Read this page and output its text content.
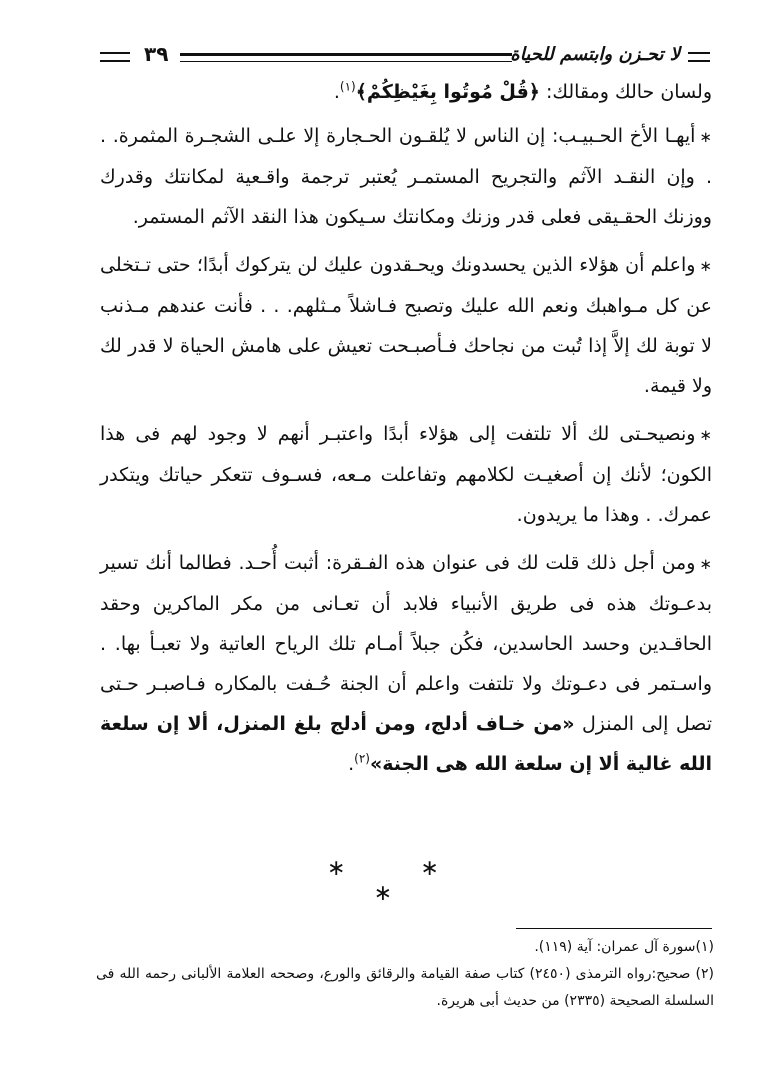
لا تحـزن وابتسم للحياة
٣٩

ولسان حالك ومقالك: ﴿قُلْ مُوتُوا بِغَيْظِكُمْ﴾$^{(١)}$.

∗أيهـا الأخ الحـبيـب: إن الناس لا يُلقـون الحـجارة إلا علـى الشجـرة المثمرة. . . وإن النقـد الآثم والتجريح المستمـر يُعتبر ترجمة واقـعية لمكانتك وقدرك ووزنك الحقـيقى فعلى قدر وزنك ومكانتك سـيكون هذا النقد الآثم المستمر.

∗واعلم أن هؤلاء الذين يحسدونك ويحـقدون عليك لن يتركوك أبدًا؛ حتى تـتخلى عن كل مـواهبك ونعم الله عليك وتصبح فـاشلاً مـثلهم. . . فأنت عندهم مـذنب لا توبة لك إلاَّ إذا تُبت من نجاحك فـأصبـحت تعيش على هامش الحياة لا قدر لك ولا قيمة.

∗ونصيحـتى لك ألا تلتفت إلى هؤلاء أبدًا واعتبـر أنهم لا وجود لهم فى هذا الكون؛ لأنك إن أصغيـت لكلامهم وتفاعلت مـعه، فسـوف تتعكر حياتك ويتكدر عمرك. . وهذا ما يريدون.

∗ومن أجل ذلك قلت لك فى عنوان هذه الفـقرة: أثبت أُحـد. فطالما أنك تسير بدعـوتك هذه فى طريق الأنبياء فلابد أن تعـانى من مكر الماكرين وحقد الحاقـدين وحسد الحاسدين، فكُن جبلاً أمـام تلك الرياح العاتية ولا تعبـأ بها. . واسـتمر فى دعـوتك ولا تلتفت واعلم أن الجنة حُـفت بالمكاره فـاصبـر حـتى تصل إلى المنزل «من خـاف أدلج، ومن أدلج بلغ المنزل، ألا إن سلعة الله غالية ألا إن سلعة الله هى الجنة»$^{(٢)}$.

∗ ∗ ∗

(١)سورة آل عمران: آية (١١٩).

(٢) صحيح:رواه الترمذى (٢٤٥٠) كتاب صفة القيامة والرقائق والورع، وصححه العلامة الألبانى رحمه الله فى السلسلة الصحيحة (٢٣٣٥) من حديث أبى هريرة.
